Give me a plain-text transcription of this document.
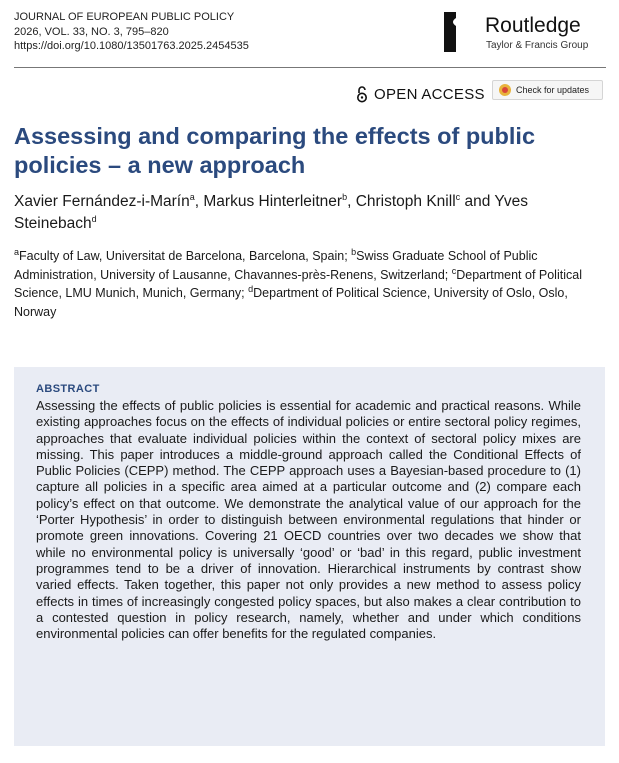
JOURNAL OF EUROPEAN PUBLIC POLICY
2026, VOL. 33, NO. 3, 795–820
https://doi.org/10.1080/13501763.2025.2454535
Routledge
Taylor & Francis Group
OPEN ACCESS	Check for updates
Assessing and comparing the effects of public policies – a new approach
Xavier Fernández-i-Marín$^a$, Markus Hinterleitner$^b$, Christoph Knill$^c$ and Yves Steinebach$^d$
$^a$Faculty of Law, Universitat de Barcelona, Barcelona, Spain; $^b$Swiss Graduate School of Public Administration, University of Lausanne, Chavannes-près-Renens, Switzerland; $^c$Department of Political Science, LMU Munich, Munich, Germany; $^d$Department of Political Science, University of Oslo, Oslo, Norway
ABSTRACT
Assessing the effects of public policies is essential for academic and practical reasons. While existing approaches focus on the effects of individual policies or entire sectoral policy regimes, approaches that evaluate individual policies within the context of sectoral policy mixes are missing. This paper introduces a middle-ground approach called the Conditional Effects of Public Policies (CEPP) method. The CEPP approach uses a Bayesian-based procedure to (1) capture all policies in a specific area aimed at a particular outcome and (2) compare each policy’s effect on that outcome. We demonstrate the analytical value of our approach for the ‘Porter Hypothesis’ in order to distinguish between environmental regulations that hinder or promote green innovations. Covering 21 OECD countries over two decades we show that while no environmental policy is universally ‘good’ or ‘bad’ in this regard, public investment programmes tend to be a driver of innovation. Hierarchical instruments by contrast show varied effects. Taken together, this paper not only provides a new method to assess policy effects in times of increasingly congested policy spaces, but also makes a clear contribution to a contested question in policy research, namely, whether and under which conditions environmental policies can offer benefits for the regulated companies.
